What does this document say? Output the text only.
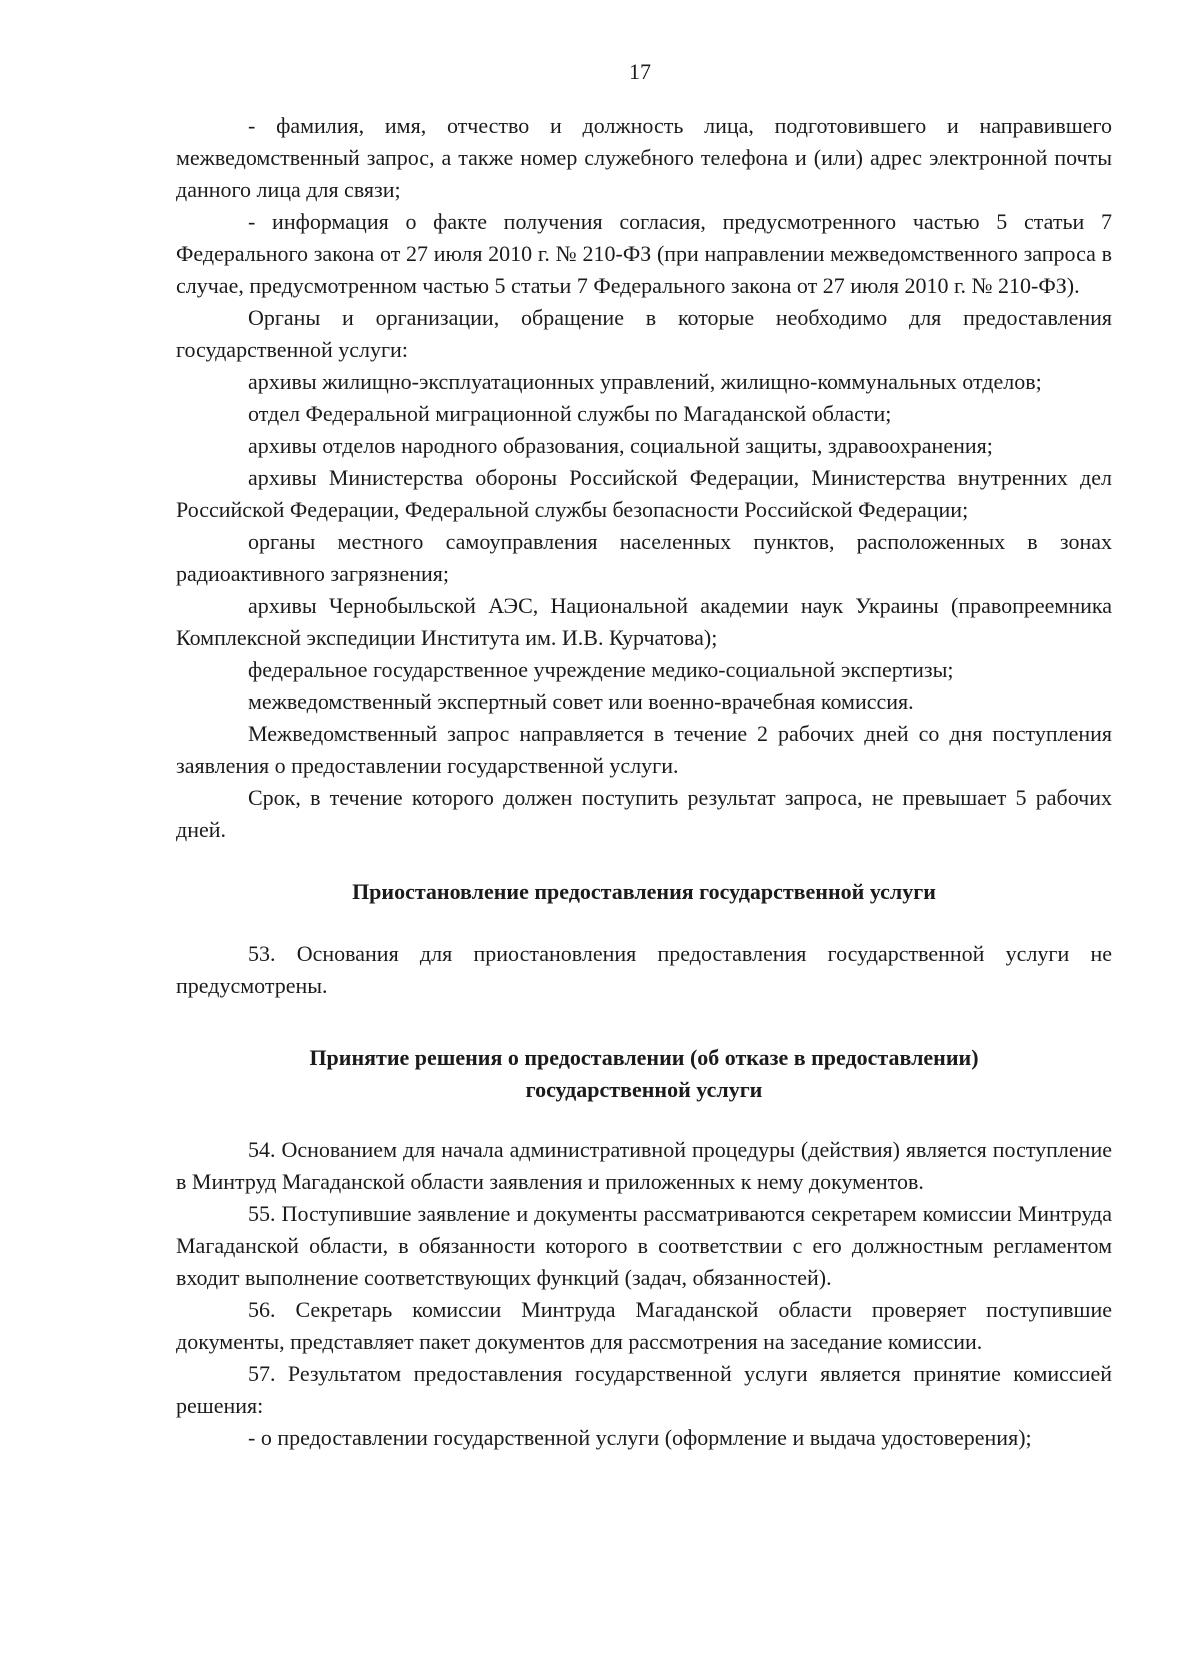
17

- фамилия, имя, отчество и должность лица, подготовившего и направившего межведомственный запрос, а также номер служебного телефона и (или) адрес электронной почты данного лица для связи;

- информация о факте получения согласия, предусмотренного частью 5 статьи 7 Федерального закона от 27 июля 2010 г. № 210-ФЗ (при направлении межведомственного запроса в случае, предусмотренном частью 5 статьи 7 Федерального закона от 27 июля 2010 г. № 210-ФЗ).

Органы и организации, обращение в которые необходимо для предоставления государственной услуги:

архивы жилищно-эксплуатационных управлений, жилищно-коммунальных отделов;

отдел Федеральной миграционной службы по Магаданской области;

архивы отделов народного образования, социальной защиты, здравоохранения;

архивы Министерства обороны Российской Федерации, Министерства внутренних дел Российской Федерации, Федеральной службы безопасности Российской Федерации;

органы местного самоуправления населенных пунктов, расположенных в зонах радиоактивного загрязнения;

архивы Чернобыльской АЭС, Национальной академии наук Украины (правопреемника Комплексной экспедиции Института им. И.В. Курчатова);

федеральное государственное учреждение медико-социальной экспертизы;

межведомственный экспертный совет или военно-врачебная комиссия.

Межведомственный запрос направляется в течение 2 рабочих дней со дня поступления заявления о предоставлении государственной услуги.

Срок, в течение которого должен поступить результат запроса, не превышает 5 рабочих дней.

Приостановление предоставления государственной услуги

53. Основания для приостановления предоставления государственной услуги не предусмотрены.

Принятие решения о предоставлении (об отказе в предоставлении)
государственной услуги

54. Основанием для начала административной процедуры (действия) является поступление в Минтруд Магаданской области заявления и приложенных к нему документов.

55. Поступившие заявление и документы рассматриваются секретарем комиссии Минтруда Магаданской области, в обязанности которого в соответствии с его должностным регламентом входит выполнение соответствующих функций (задач, обязанностей).

56. Секретарь комиссии Минтруда Магаданской области проверяет поступившие документы, представляет пакет документов для рассмотрения на заседание комиссии.

57. Результатом предоставления государственной услуги является принятие комиссией решения:

- о предоставлении государственной услуги (оформление и выдача удостоверения);
